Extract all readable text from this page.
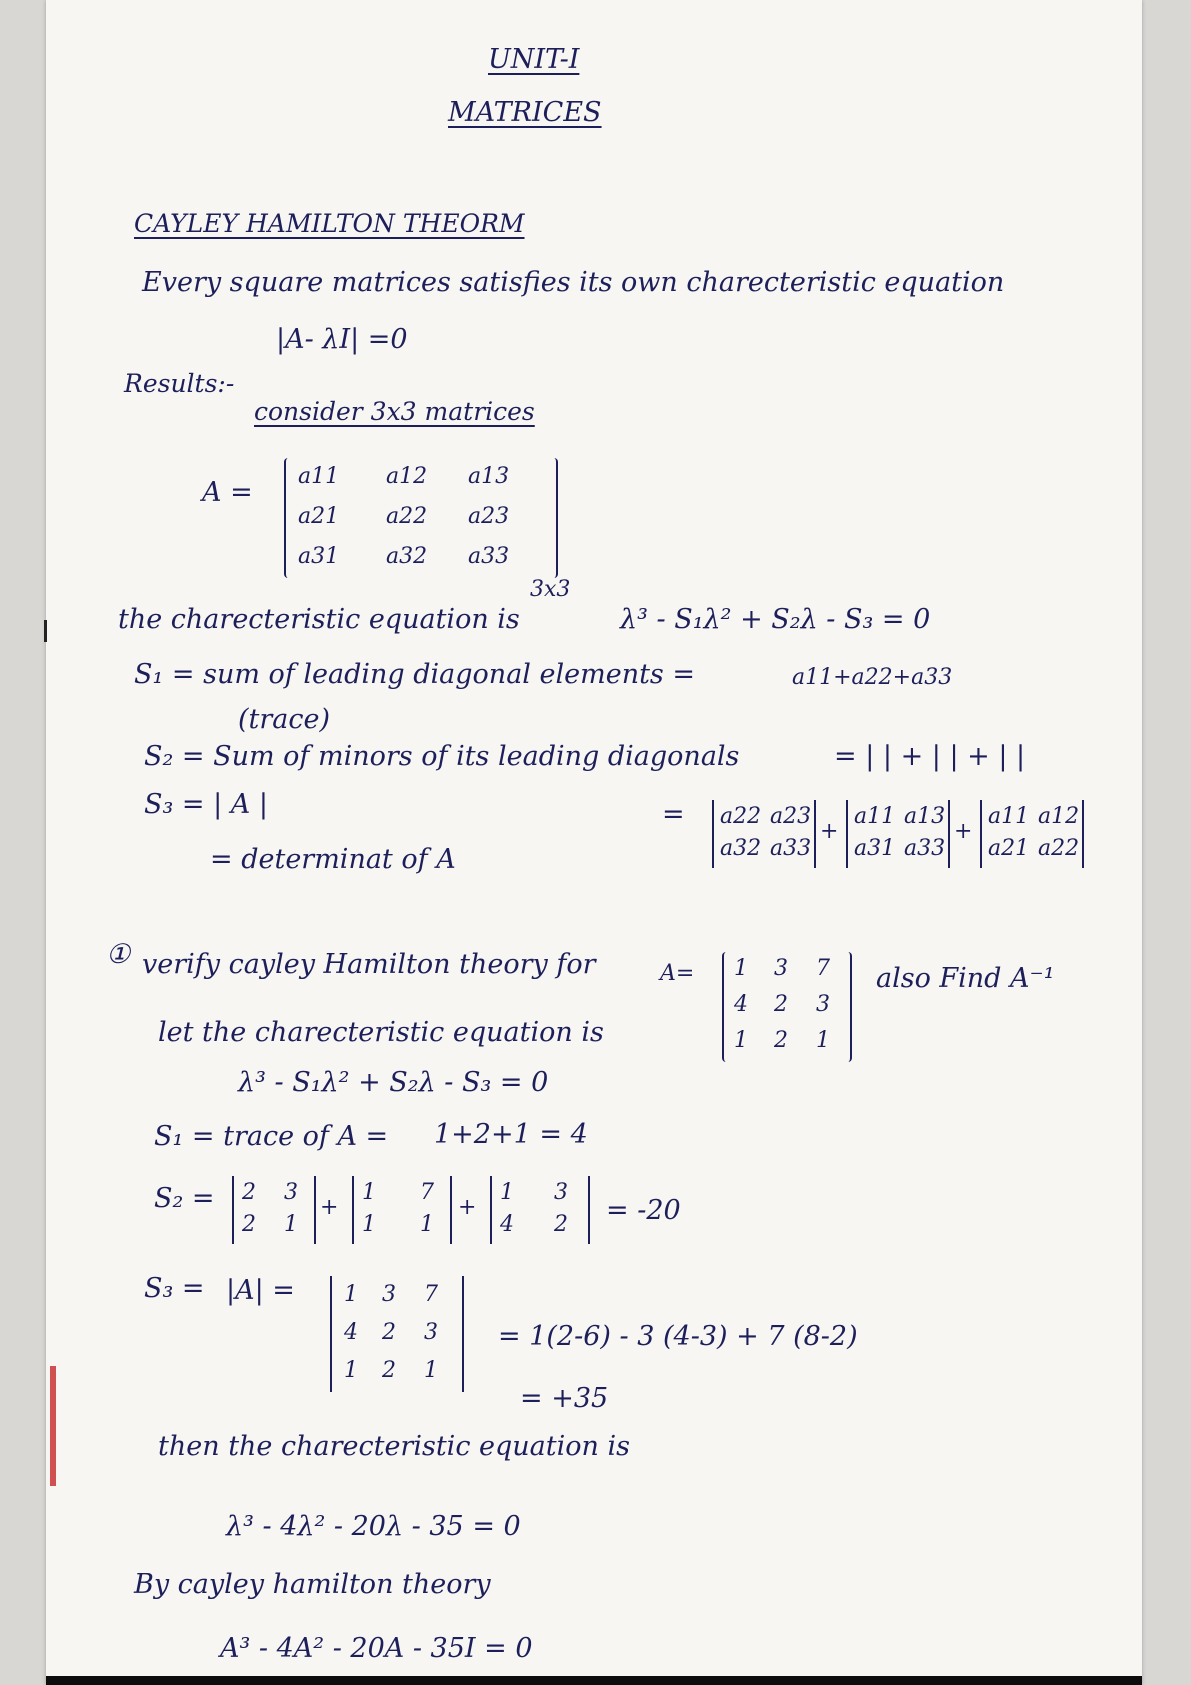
UNIT-I
MATRICES
CAYLEY HAMILTON THEORM
Every square matrices satisfies its own charecteristic equation
|A- λI| =0
Results:-
consider 3x3 matrices
A =
a11 a12 a13
a21 a22 a23
a31 a32 a33
3x3
the charecteristic equation is	λ³ - S₁λ² + S₂λ - S₃ = 0
S₁ = sum of leading diagonal elements =	a11+a22+a33
(trace)
S₂ = Sum of minors of its leading diagonals	= | | + | | + | |
S₃ = | A |	= a22 a23
a32 a33
+
a11 a13
a31 a33
+
a11 a12
a21 a22
= determinat of A
① verify cayley Hamilton theory for	A= 1 3 7
4 2 3
1 2 1
also Find A⁻¹
let the charecteristic equation is
λ³ - S₁λ² + S₂λ - S₃ = 0
S₁ = trace of A = 1+2+1 = 4
S₂ = 2 3
2 1
+
1 7
1 1
+
1 3
4 2 = -20
S₃ = |A| = 1 3 7
4 2 3
1 2 1
= 1(2-6) - 3 (4-3) + 7 (8-2)
= +35
then the charecteristic equation is
λ³ - 4λ² - 20λ - 35 = 0
By cayley hamilton theory
A³ - 4A² - 20A - 35I = 0
